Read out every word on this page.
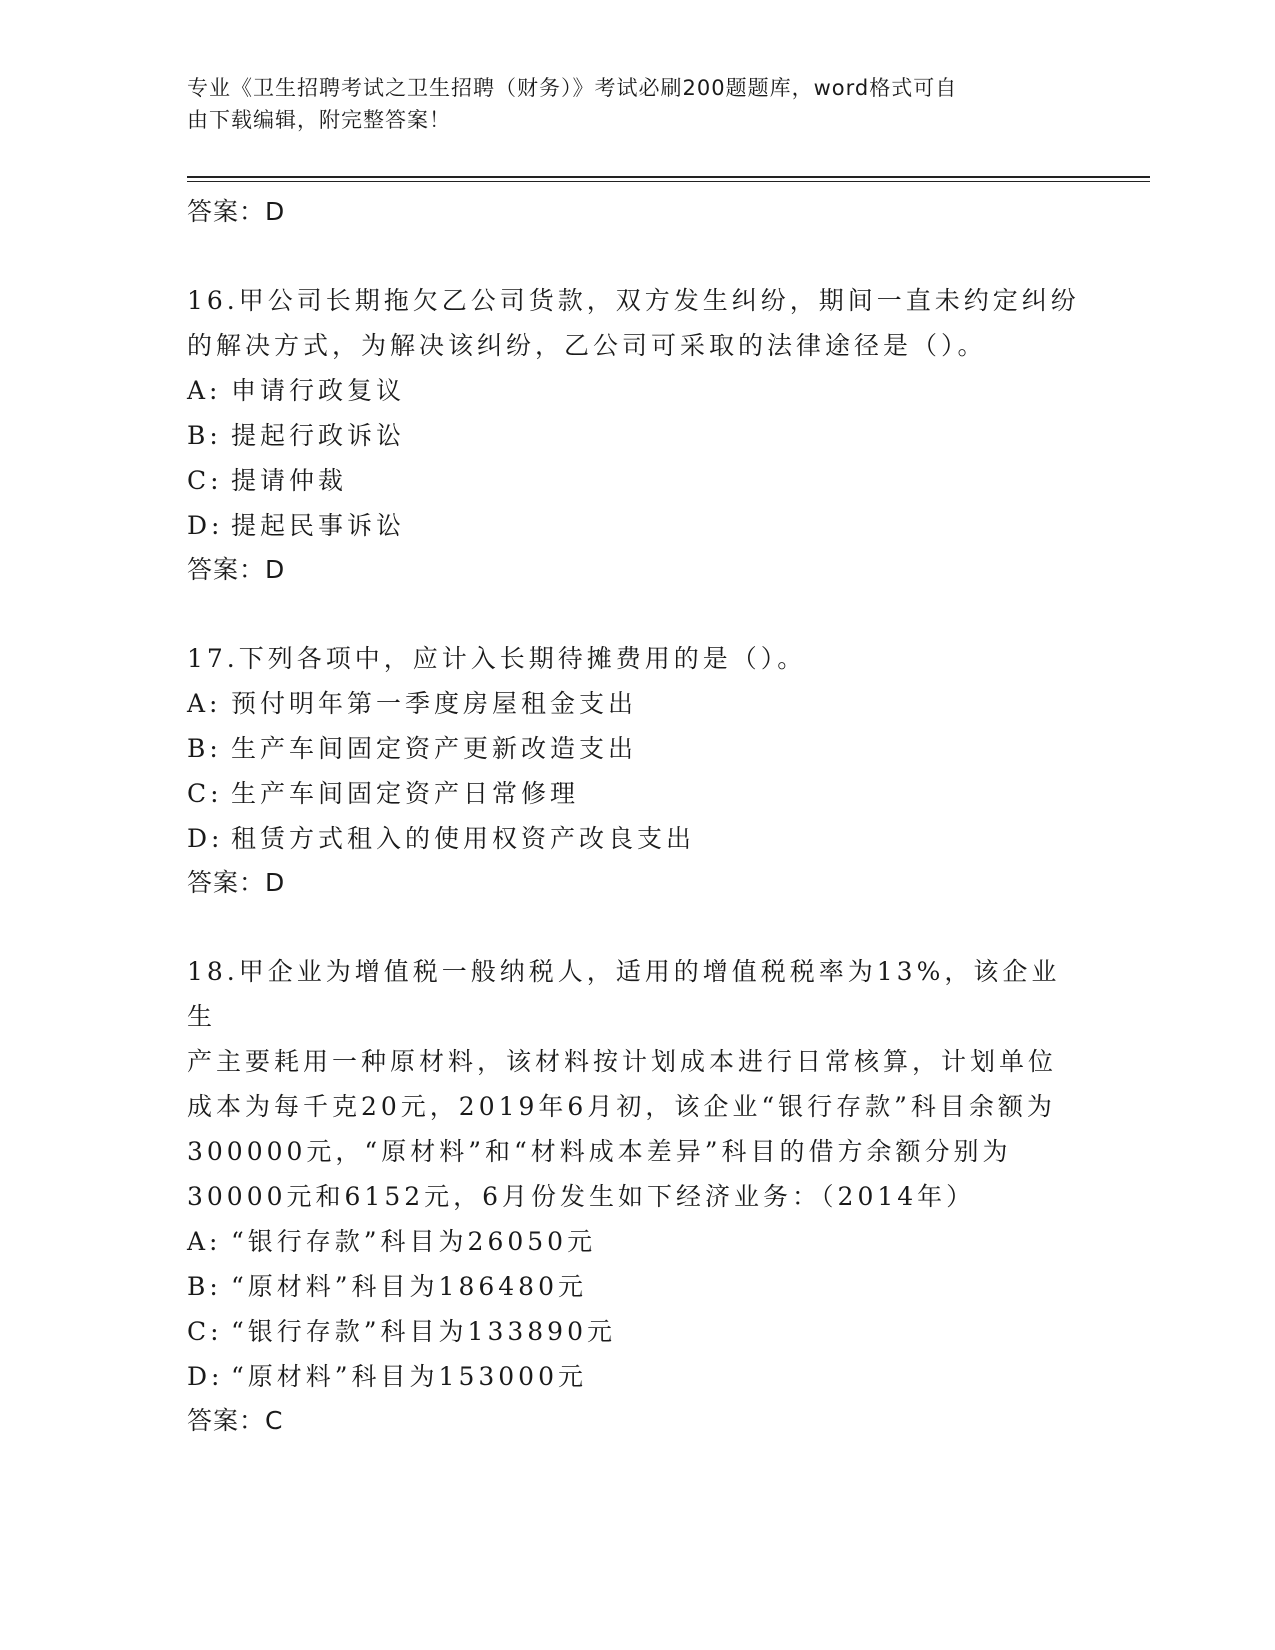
专业《卫生招聘考试之卫生招聘（财务）》考试必刷200题题库，word格式可自
由下载编辑，附完整答案！
答案：D
16.甲公司长期拖欠乙公司货款，双方发生纠纷，期间一直未约定纠纷
的解决方式，为解决该纠纷，乙公司可采取的法律途径是（）。
A: 申请行政复议
B: 提起行政诉讼
C: 提请仲裁
D: 提起民事诉讼
答案：D
17.下列各项中，应计入长期待摊费用的是（）。
A: 预付明年第一季度房屋租金支出
B: 生产车间固定资产更新改造支出
C: 生产车间固定资产日常修理
D: 租赁方式租入的使用权资产改良支出
答案：D
18.甲企业为增值税一般纳税人，适用的增值税税率为13%，该企业生
产主要耗用一种原材料，该材料按计划成本进行日常核算，计划单位
成本为每千克20元，2019年6月初，该企业“银行存款”科目余额为
300000元，“原材料”和“材料成本差异”科目的借方余额分别为
30000元和6152元，6月份发生如下经济业务：（2014年）
A: “银行存款”科目为26050元
B: “原材料”科目为186480元
C: “银行存款”科目为133890元
D: “原材料”科目为153000元
答案：C
